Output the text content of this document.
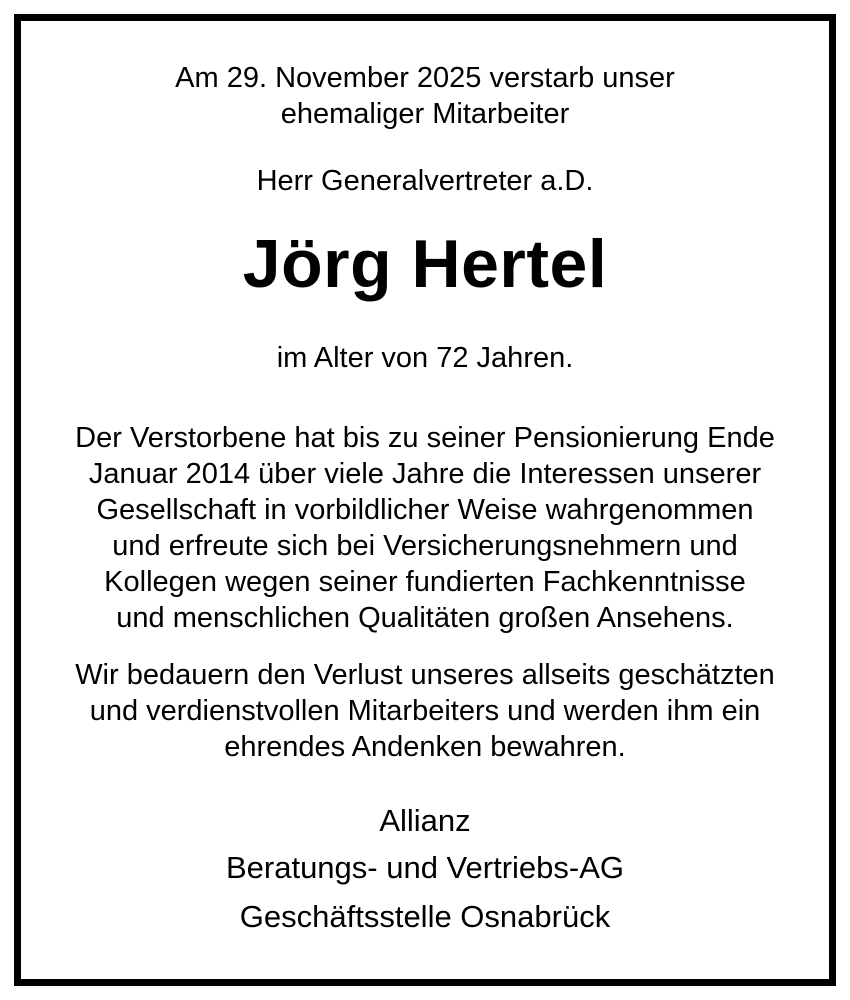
Am 29. November 2025 verstarb unser
ehemaliger Mitarbeiter
Herr Generalvertreter a.D.
Jörg Hertel
im Alter von 72 Jahren.
Der Verstorbene hat bis zu seiner Pensionierung Ende
Januar 2014 über viele Jahre die Interessen unserer
Gesellschaft in vorbildlicher Weise wahrgenommen
und erfreute sich bei Versicherungsnehmern und
Kollegen wegen seiner fundierten Fachkenntnisse
und menschlichen Qualitäten großen Ansehens.
Wir bedauern den Verlust unseres allseits geschätzten
und verdienstvollen Mitarbeiters und werden ihm ein
ehrendes Andenken bewahren.
Allianz
Beratungs- und Vertriebs-AG
Geschäftsstelle Osnabrück
